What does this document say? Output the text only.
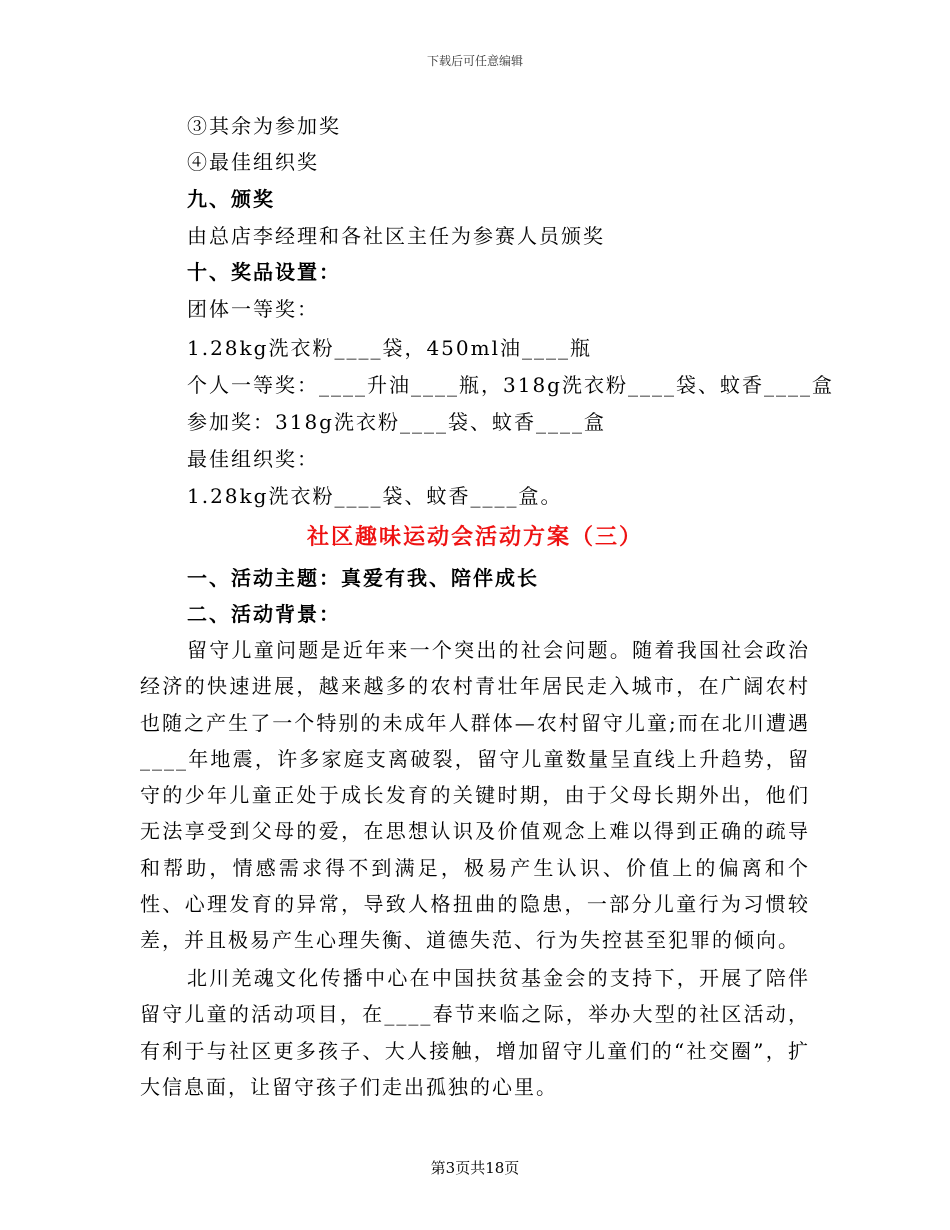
下载后可任意编辑
③其余为参加奖
④最佳组织奖
九、颁奖
由总店李经理和各社区主任为参赛人员颁奖
十、奖品设置：
团体一等奖：
1.28kg洗衣粉____袋，450ml油____瓶
个人一等奖：____升油____瓶，318g洗衣粉____袋、蚊香____盒
参加奖：318g洗衣粉____袋、蚊香____盒
最佳组织奖：
1.28kg洗衣粉____袋、蚊香____盒。
社区趣味运动会活动方案（三）
一、活动主题：真爱有我、陪伴成长
二、活动背景：
留守儿童问题是近年来一个突出的社会问题。随着我国社会政治经济的快速进展，越来越多的农村青壮年居民走入城市，在广阔农村也随之产生了一个特别的未成年人群体—农村留守儿童;而在北川遭遇____年地震，许多家庭支离破裂，留守儿童数量呈直线上升趋势，留守的少年儿童正处于成长发育的关键时期，由于父母长期外出，他们无法享受到父母的爱，在思想认识及价值观念上难以得到正确的疏导和帮助，情感需求得不到满足，极易产生认识、价值上的偏离和个性、心理发育的异常，导致人格扭曲的隐患，一部分儿童行为习惯较差，并且极易产生心理失衡、道德失范、行为失控甚至犯罪的倾向。
北川羌魂文化传播中心在中国扶贫基金会的支持下，开展了陪伴留守儿童的活动项目，在____春节来临之际，举办大型的社区活动，有利于与社区更多孩子、大人接触，增加留守儿童们的“社交圈”，扩大信息面，让留守孩子们走出孤独的心里。
第3页共18页
